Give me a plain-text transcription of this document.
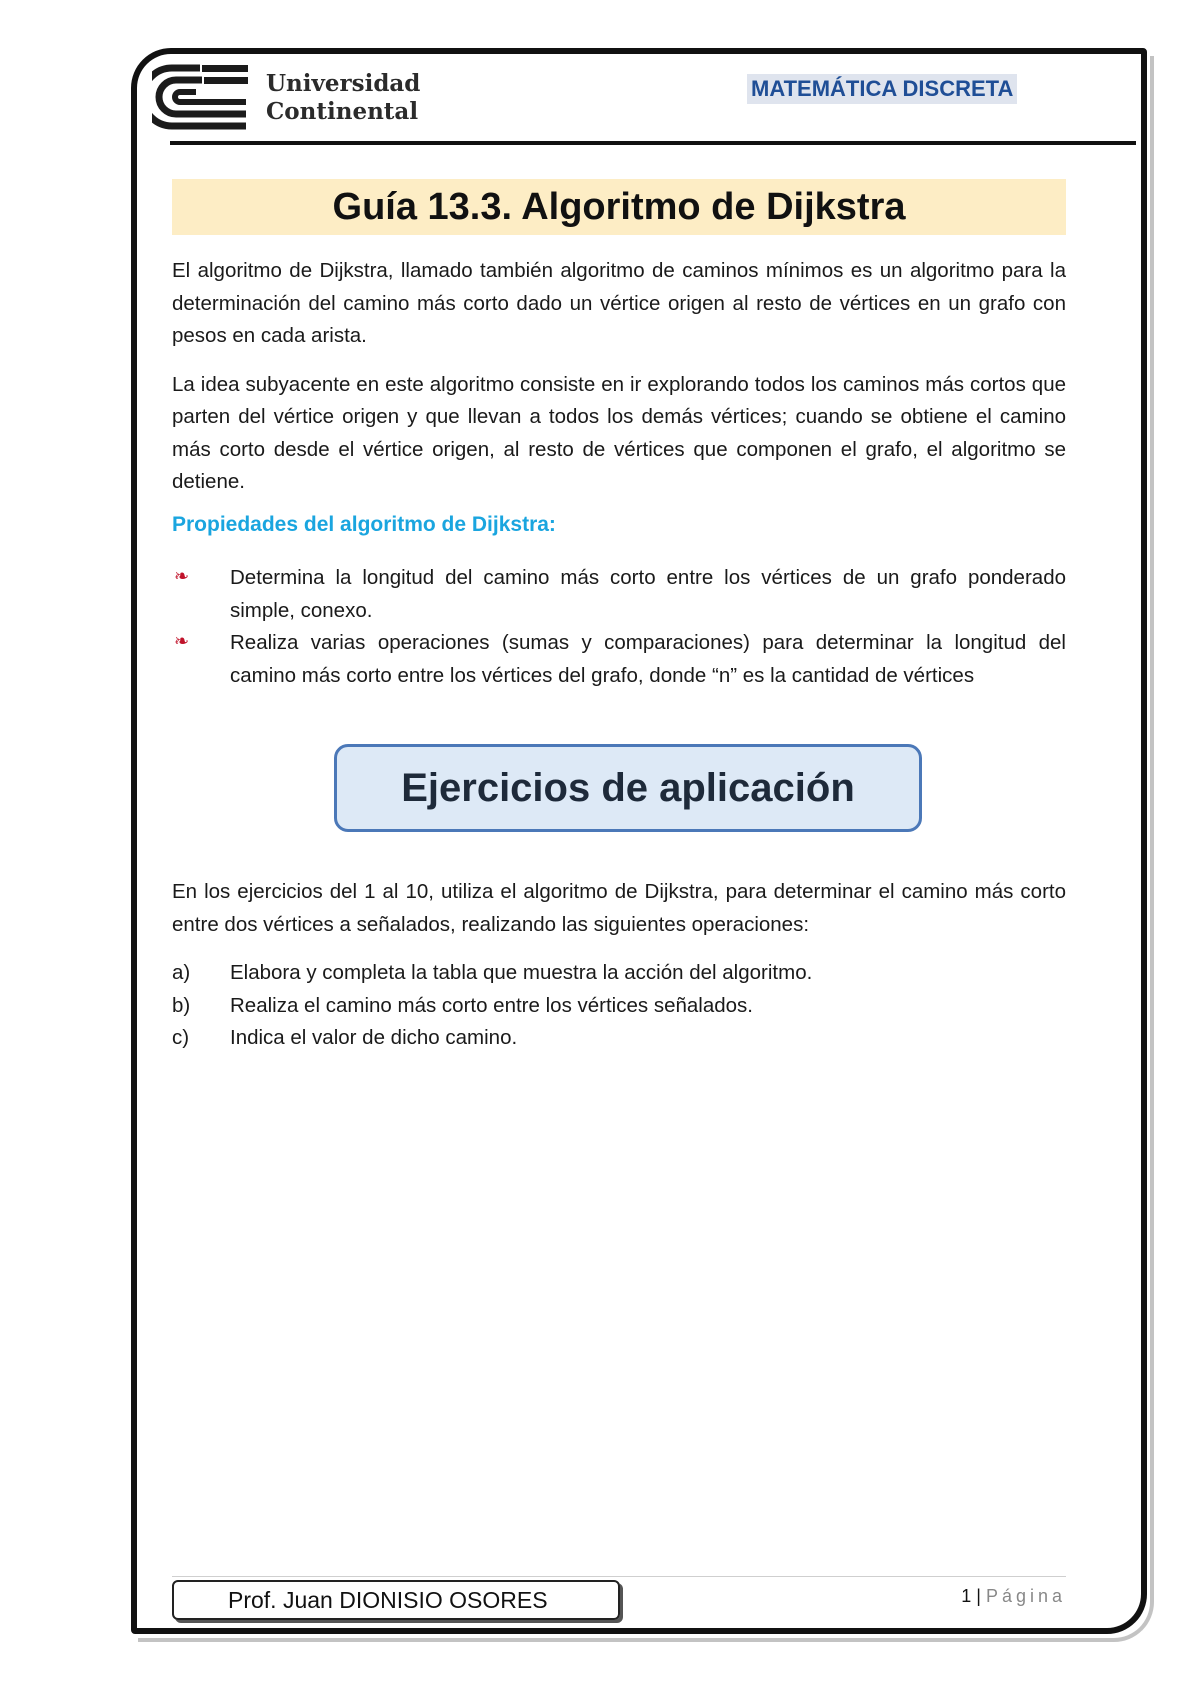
Universidad
Continental
MATEMÁTICA DISCRETA
Guía 13.3. Algoritmo de Dijkstra

El algoritmo de Dijkstra, llamado también algoritmo de caminos mínimos es un algoritmo para la determinación del camino más corto dado un vértice origen al resto de vértices en un grafo con pesos en cada arista.

La idea subyacente en este algoritmo consiste en ir explorando todos los caminos más cortos que parten del vértice origen y que llevan a todos los demás vértices; cuando se obtiene el camino más corto desde el vértice origen, al resto de vértices que componen el grafo, el algoritmo se detiene.

Propiedades del algoritmo de Dijkstra:
❧ Determina la longitud del camino más corto entre los vértices de un grafo ponderado simple, conexo.
❧ Realiza varias operaciones (sumas y comparaciones) para determinar la longitud del camino más corto entre los vértices del grafo, donde “n” es la cantidad de vértices
Ejercicios de aplicación

En los ejercicios del 1 al 10, utiliza el algoritmo de Dijkstra, para determinar el camino más corto entre dos vértices a señalados, realizando las siguientes operaciones:

a) Elabora y completa la tabla que muestra la acción del algoritmo.
b) Realiza el camino más corto entre los vértices señalados.
c) Indica el valor de dicho camino.
Prof. Juan DIONISIO OSORES	1 | Página
